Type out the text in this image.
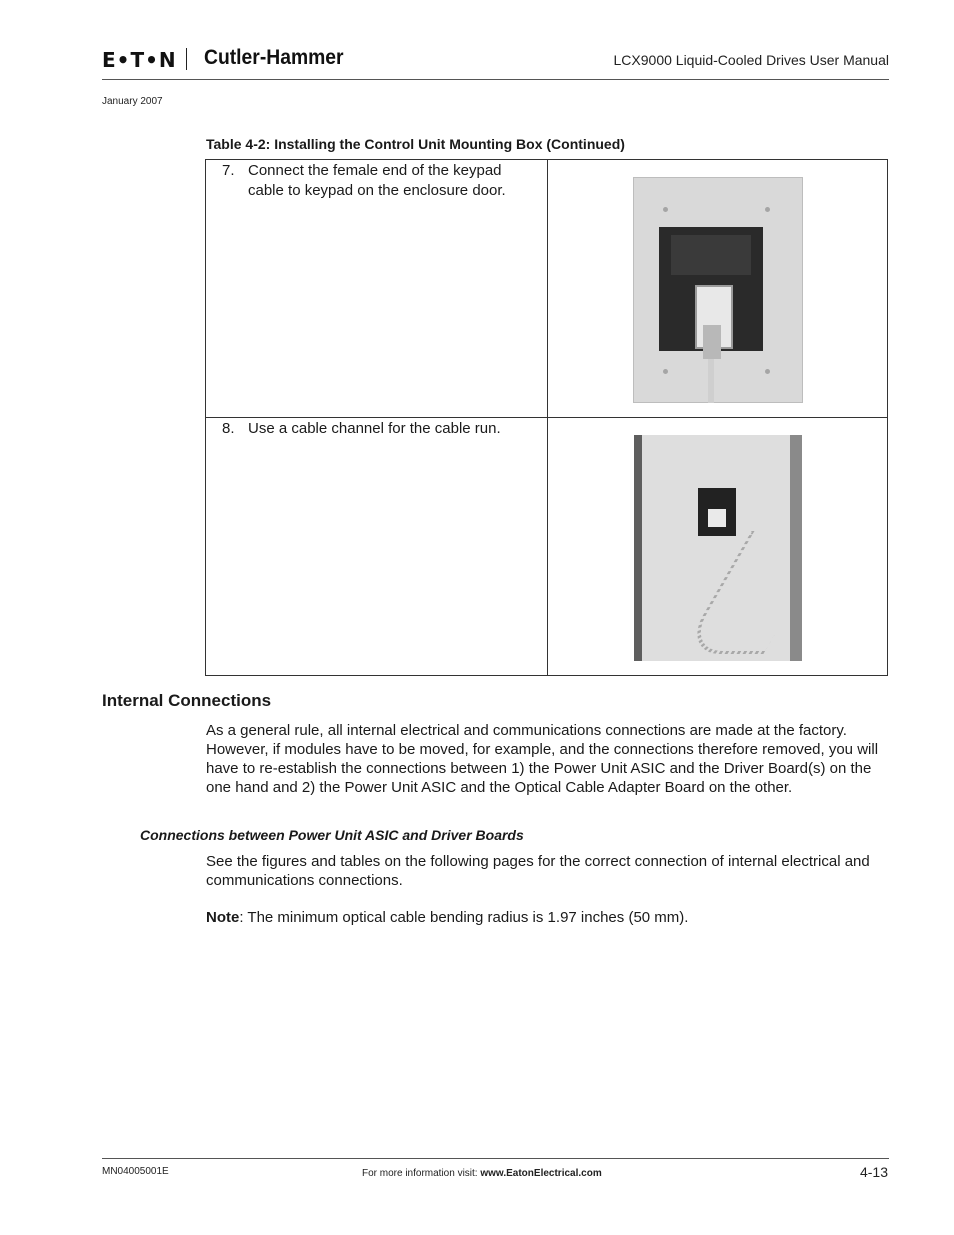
E•T•N Cutler-Hammer	LCX9000 Liquid-Cooled Drives User Manual
January 2007
Table 4-2: Installing the Control Unit Mounting Box (Continued)
7. Connect the female end of the keypad cable to keypad on the enclosure door.	

8. Use a cable channel for the cable run.	

Internal Connections

As a general rule, all internal electrical and communications connections are made at the factory. However, if modules have to be moved, for example, and the connections therefore removed, you will have to re-establish the connections between 1) the Power Unit ASIC and the Driver Board(s) on the one hand and 2) the Power Unit ASIC and the Optical Cable Adapter Board on the other.

Connections between Power Unit ASIC and Driver Boards

See the figures and tables on the following pages for the correct connection of internal electrical and communications connections.

Note: The minimum optical cable bending radius is 1.97 inches (50 mm).

MN04005001E	For more information visit: www.EatonElectrical.com	4-13
